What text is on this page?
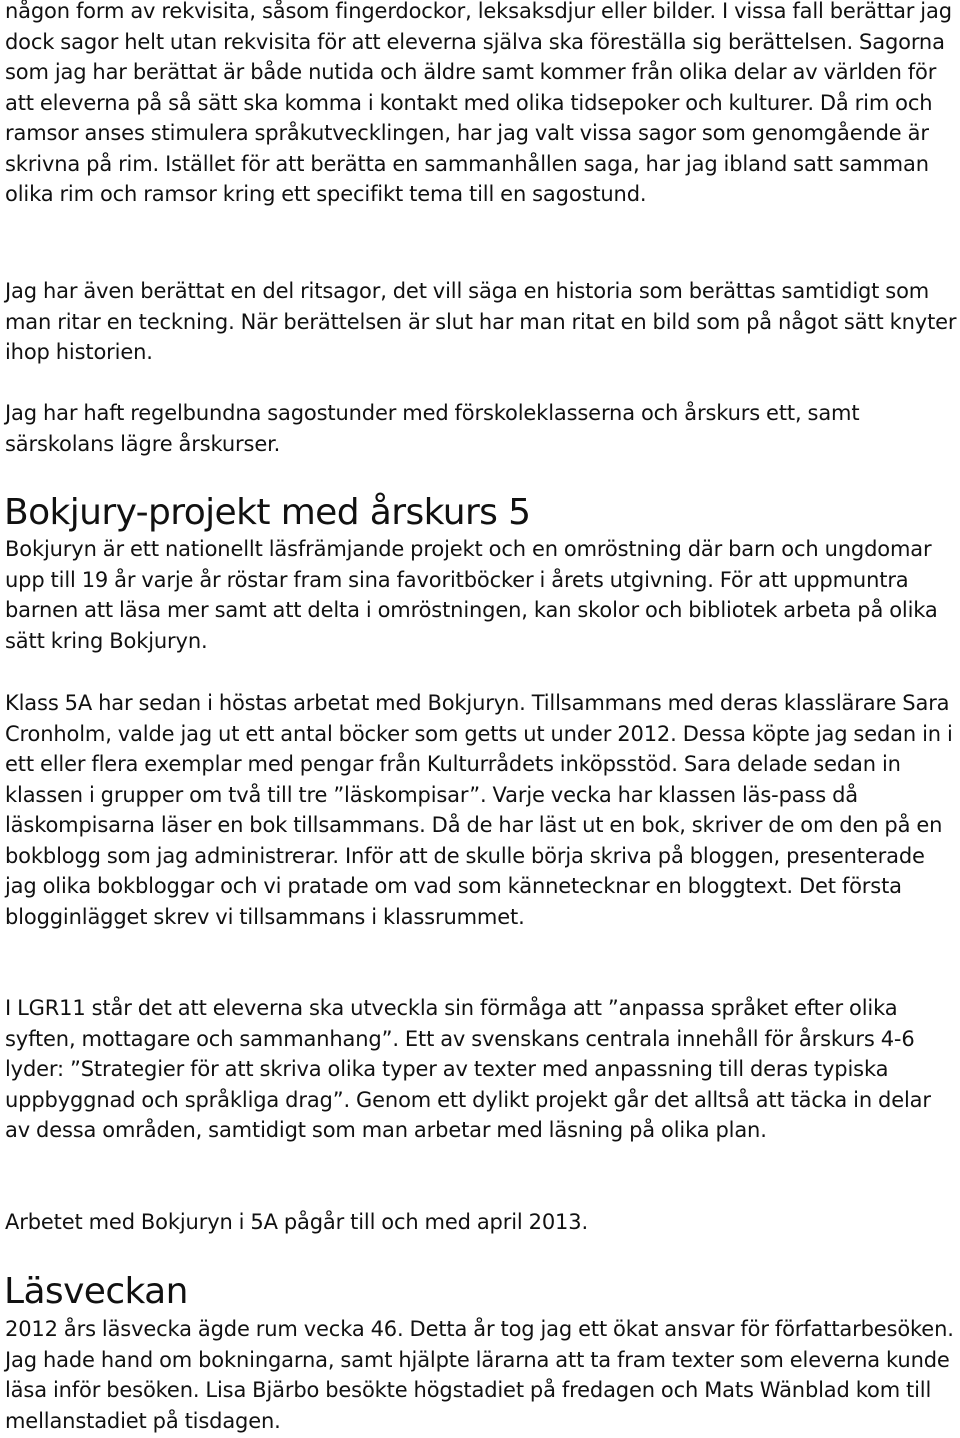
någon form av rekvisita, såsom fingerdockor, leksaksdjur eller bilder. I vissa fall berättar jag dock sagor helt utan rekvisita för att eleverna själva ska föreställa sig berättelsen. Sagorna som jag har berättat är både nutida och äldre samt kommer från olika delar av världen för att eleverna på så sätt ska komma i kontakt med olika tidsepoker och kulturer. Då rim och ramsor anses stimulera språkutvecklingen, har jag valt vissa sagor som genomgående är skrivna på rim. Istället för att berätta en sammanhållen saga, har jag ibland satt samman olika rim och ramsor kring ett specifikt tema till en sagostund.

Jag har även berättat en del ritsagor, det vill säga en historia som berättas samtidigt som man ritar en teckning. När berättelsen är slut har man ritat en bild som på något sätt knyter ihop historien.

Jag har haft regelbundna sagostunder med förskoleklasserna och årskurs ett, samt särskolans lägre årskurser.

Bokjury-projekt med årskurs 5

Bokjuryn är ett nationellt läsfrämjande projekt och en omröstning där barn och ungdomar upp till 19 år varje år röstar fram sina favoritböcker i årets utgivning. För att uppmuntra barnen att läsa mer samt att delta i omröstningen, kan skolor och bibliotek arbeta på olika sätt kring Bokjuryn.

Klass 5A har sedan i höstas arbetat med Bokjuryn. Tillsammans med deras klasslärare Sara Cronholm, valde jag ut ett antal böcker som getts ut under 2012. Dessa köpte jag sedan in i ett eller flera exemplar med pengar från Kulturrådets inköpsstöd. Sara delade sedan in klassen i grupper om två till tre ”läskompisar”. Varje vecka har klassen läs-pass då läskompisarna läser en bok tillsammans. Då de har läst ut en bok, skriver de om den på en bokblogg som jag administrerar. Inför att de skulle börja skriva på bloggen, presenterade jag olika bokbloggar och vi pratade om vad som kännetecknar en bloggtext. Det första blogginlägget skrev vi tillsammans i klassrummet.

I LGR11 står det att eleverna ska utveckla sin förmåga att ”anpassa språket efter olika syften, mottagare och sammanhang”. Ett av svenskans centrala innehåll för årskurs 4-6 lyder: ”Strategier för att skriva olika typer av texter med anpassning till deras typiska uppbyggnad och språkliga drag”. Genom ett dylikt projekt går det alltså att täcka in delar av dessa områden, samtidigt som man arbetar med läsning på olika plan.

Arbetet med Bokjuryn i 5A pågår till och med april 2013.

Läsveckan

2012 års läsvecka ägde rum vecka 46. Detta år tog jag ett ökat ansvar för författarbesöken. Jag hade hand om bokningarna, samt hjälpte lärarna att ta fram texter som eleverna kunde läsa inför besöken. Lisa Bjärbo besökte högstadiet på fredagen och Mats Wänblad kom till mellanstadiet på tisdagen.
